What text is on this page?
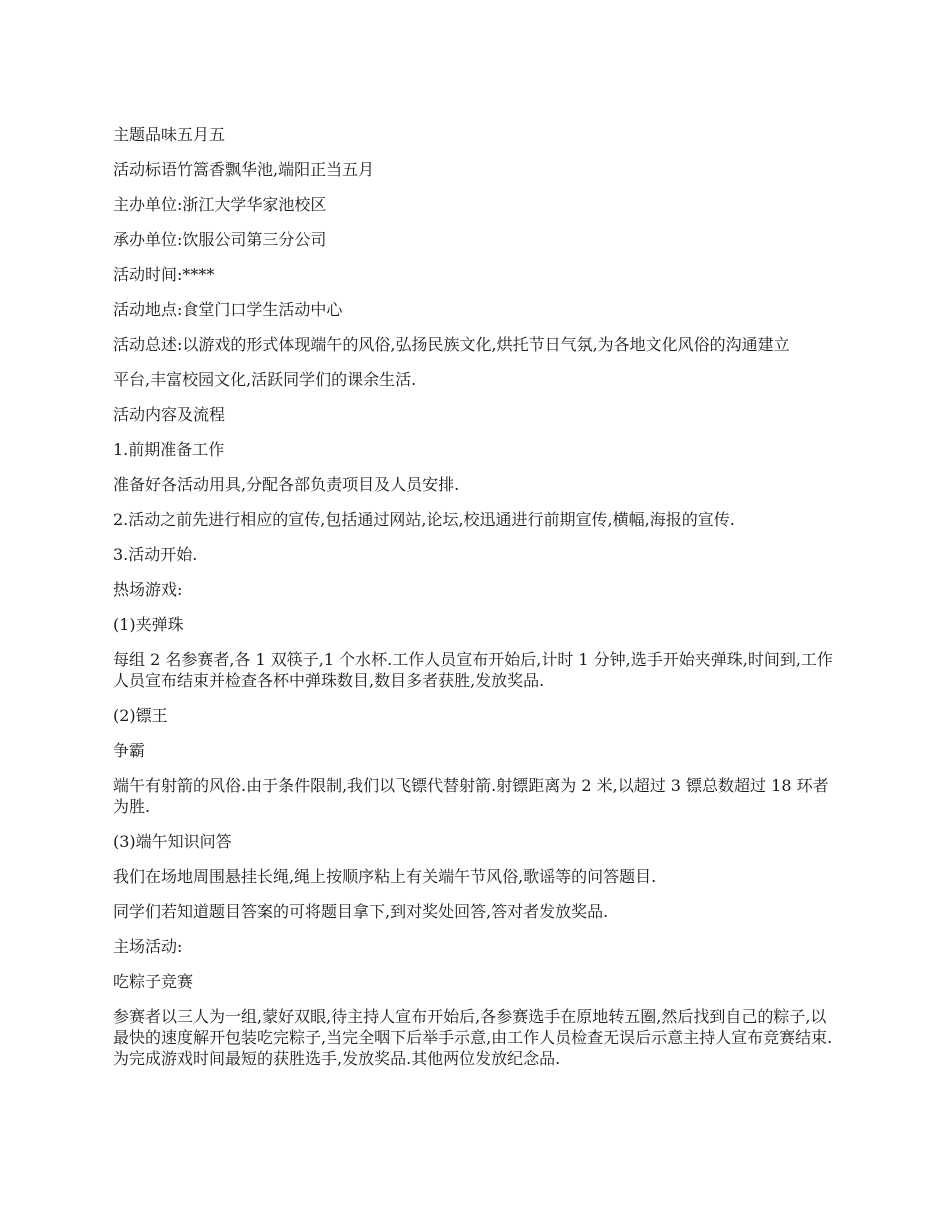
主题品味五月五

活动标语竹篙香飘华池,端阳正当五月

主办单位:浙江大学华家池校区

承办单位:饮服公司第三分公司

活动时间:****

活动地点:食堂门口学生活动中心

活动总述:以游戏的形式体现端午的风俗,弘扬民族文化,烘托节日气氛,为各地文化风俗的沟通建立

平台,丰富校园文化,活跃同学们的课余生活.

活动内容及流程

1.前期准备工作

准备好各活动用具,分配各部负责项目及人员安排.

2.活动之前先进行相应的宣传,包括通过网站,论坛,校迅通进行前期宣传,横幅,海报的宣传.

3.活动开始.

热场游戏:

(1)夹弹珠

每组 2 名参赛者,各 1 双筷子,1 个水杯.工作人员宣布开始后,计时 1 分钟,选手开始夹弹珠,时间到,工作人员宣布结束并检查各杯中弹珠数目,数目多者获胜,发放奖品.

(2)镖王

争霸

端午有射箭的风俗.由于条件限制,我们以飞镖代替射箭.射镖距离为 2 米,以超过 3 镖总数超过 18 环者为胜.

(3)端午知识问答

我们在场地周围悬挂长绳,绳上按顺序粘上有关端午节风俗,歌谣等的问答题目.

同学们若知道题目答案的可将题目拿下,到对奖处回答,答对者发放奖品.

主场活动:

吃粽子竞赛

参赛者以三人为一组,蒙好双眼,待主持人宣布开始后,各参赛选手在原地转五圈,然后找到自己的粽子,以最快的速度解开包装吃完粽子,当完全咽下后举手示意,由工作人员检查无误后示意主持人宣布竞赛结束.为完成游戏时间最短的获胜选手,发放奖品.其他两位发放纪念品.
